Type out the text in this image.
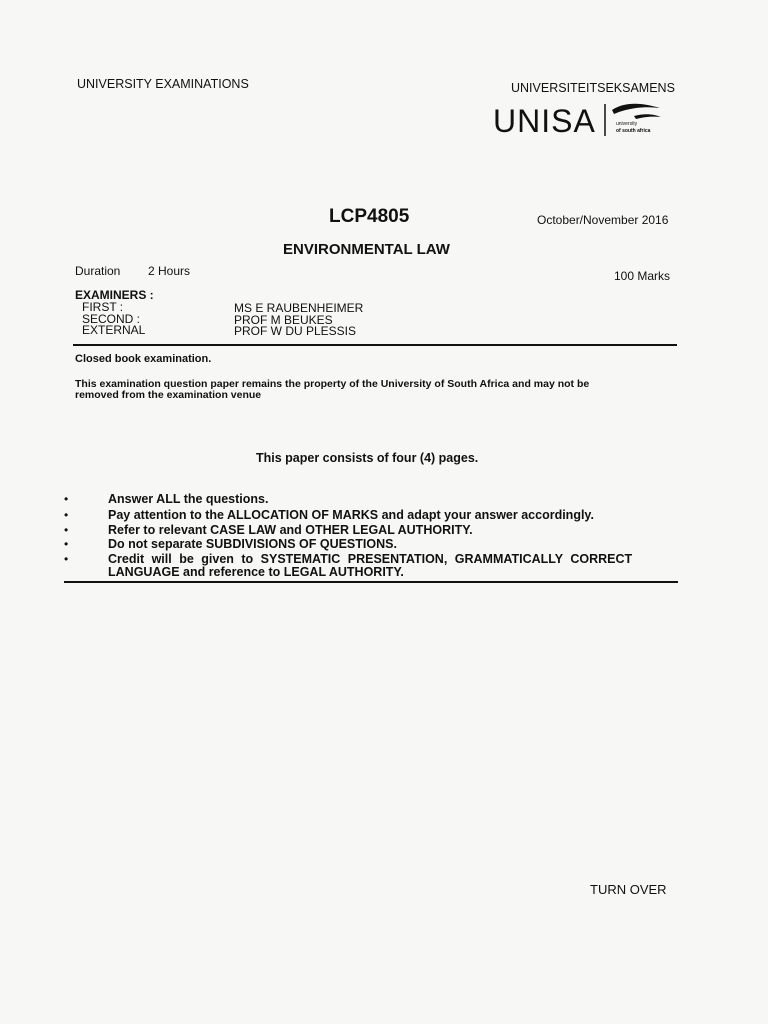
UNIVERSITY EXAMINATIONS	UNIVERSITEITSEKSAMENS
UNISA	university
of south africa
LCP4805	October/November 2016
ENVIRONMENTAL LAW
Duration 2 Hours	100 Marks
EXAMINERS :
FIRST :	MS E RAUBENHEIMER
SECOND :	PROF M BEUKES
EXTERNAL	PROF W DU PLESSIS
Closed book examination.
This examination question paper remains the property of the University of South Africa and may not be
removed from the examination venue
This paper consists of four (4) pages.
•	Answer ALL the questions.
•	Pay attention to the ALLOCATION OF MARKS and adapt your answer accordingly.
•	Refer to relevant CASE LAW and OTHER LEGAL AUTHORITY.
•	Do not separate SUBDIVISIONS OF QUESTIONS.
•	Credit will be given to SYSTEMATIC PRESENTATION, GRAMMATICALLY CORRECT
LANGUAGE and reference to LEGAL AUTHORITY.
TURN OVER
